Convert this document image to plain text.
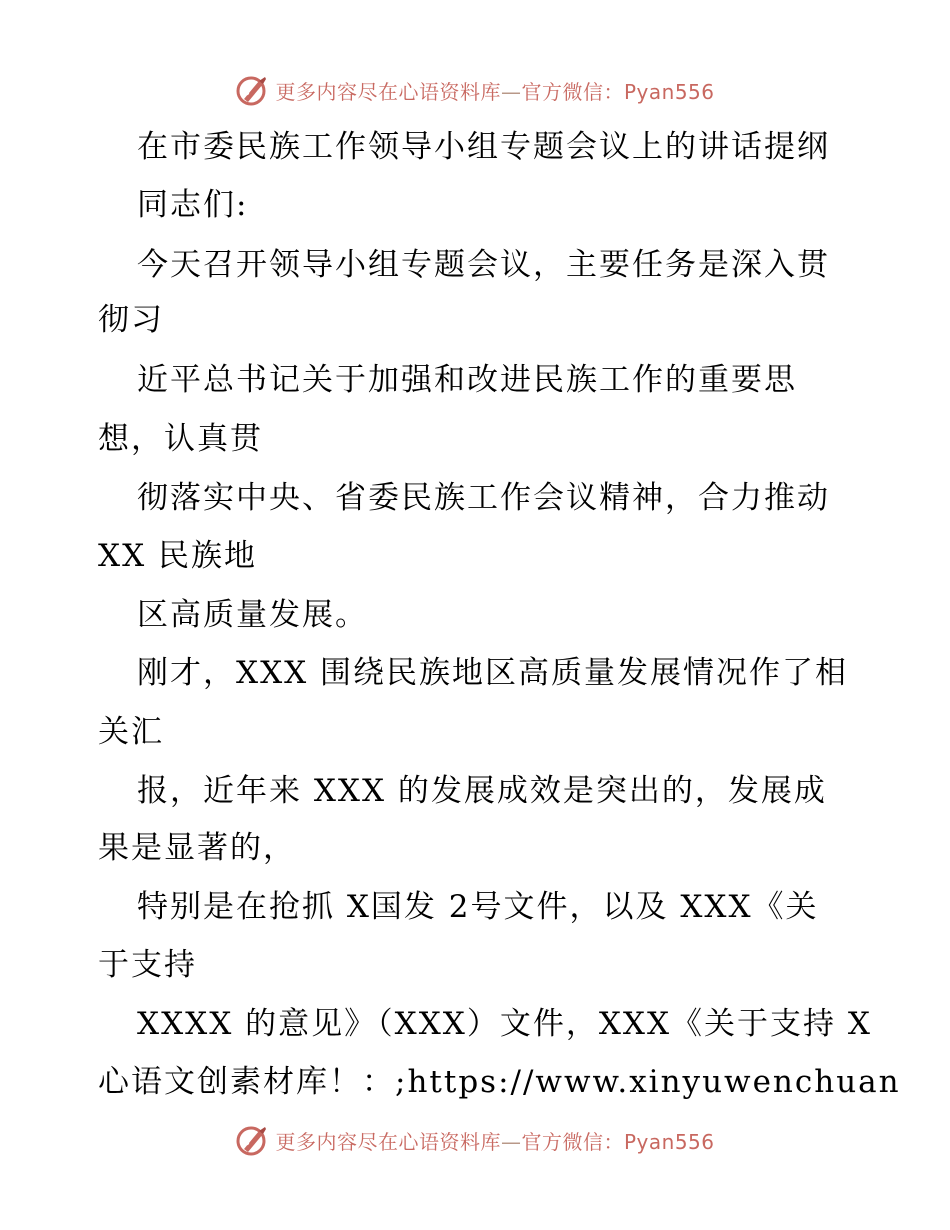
更多内容尽在心语资料库—官方微信：Pyan556
在市委民族工作领导小组专题会议上的讲话提纲
同志们:
今天召开领导小组专题会议，主要任务是深入贯
彻习
近平总书记关于加强和改进民族工作的重要思
想，认真贯
彻落实中央、省委民族工作会议精神，合力推动
XX 民族地
区高质量发展。
刚才，XXX 围绕民族地区高质量发展情况作了相
关汇
报，近年来 XXX 的发展成效是突出的，发展成
果是显著的，
特别是在抢抓 X国发 2号文件，以及 XXX《关
于支持
XXXX 的意见》（XXX）文件，XXX《关于支持 X
心语文创素材库！：;https://www.xinyuwenchuan
更多内容尽在心语资料库—官方微信：Pyan556
